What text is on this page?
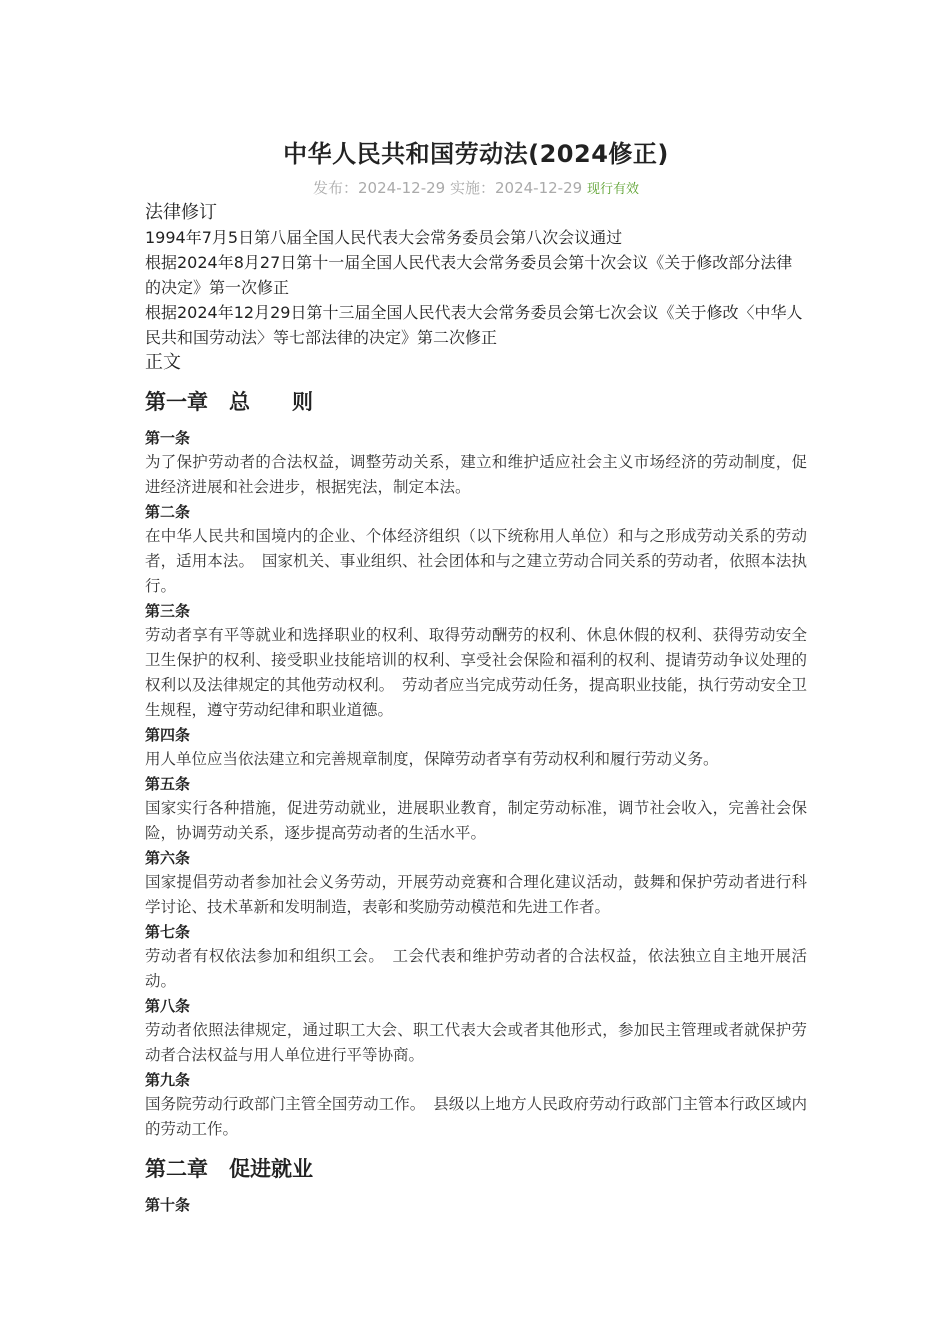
中华人民共和国劳动法(2024修正)
发布：2024-12-29 实施：2024-12-29 现行有效

法律修订

1994年7月5日第八届全国人民代表大会常务委员会第八次会议通过

根据2024年8月27日第十一届全国人民代表大会常务委员会第十次会议《关于修改部分法律的决定》第一次修正

根据2024年12月29日第十三届全国人民代表大会常务委员会第七次会议《关于修改〈中华人民共和国劳动法〉等七部法律的决定》第二次修正

正文

第一章　总　　则

第一条

为了保护劳动者的合法权益，调整劳动关系，建立和维护适应社会主义市场经济的劳动制度，促进经济进展和社会进步，根据宪法，制定本法。

第二条

在中华人民共和国境内的企业、个体经济组织（以下统称用人单位）和与之形成劳动关系的劳动者，适用本法。　国家机关、事业组织、社会团体和与之建立劳动合同关系的劳动者，依照本法执行。

第三条

劳动者享有平等就业和选择职业的权利、取得劳动酬劳的权利、休息休假的权利、获得劳动安全卫生保护的权利、接受职业技能培训的权利、享受社会保险和福利的权利、提请劳动争议处理的权利以及法律规定的其他劳动权利。　劳动者应当完成劳动任务，提高职业技能，执行劳动安全卫生规程，遵守劳动纪律和职业道德。

第四条

用人单位应当依法建立和完善规章制度，保障劳动者享有劳动权利和履行劳动义务。

第五条

国家实行各种措施，促进劳动就业，进展职业教育，制定劳动标准，调节社会收入，完善社会保险，协调劳动关系，逐步提高劳动者的生活水平。

第六条

国家提倡劳动者参加社会义务劳动，开展劳动竞赛和合理化建议活动，鼓舞和保护劳动者进行科学讨论、技术革新和发明制造，表彰和奖励劳动模范和先进工作者。

第七条

劳动者有权依法参加和组织工会。　工会代表和维护劳动者的合法权益，依法独立自主地开展活动。

第八条

劳动者依照法律规定，通过职工大会、职工代表大会或者其他形式，参加民主管理或者就保护劳动者合法权益与用人单位进行平等协商。

第九条

国务院劳动行政部门主管全国劳动工作。　县级以上地方人民政府劳动行政部门主管本行政区域内的劳动工作。

第二章　促进就业

第十条
